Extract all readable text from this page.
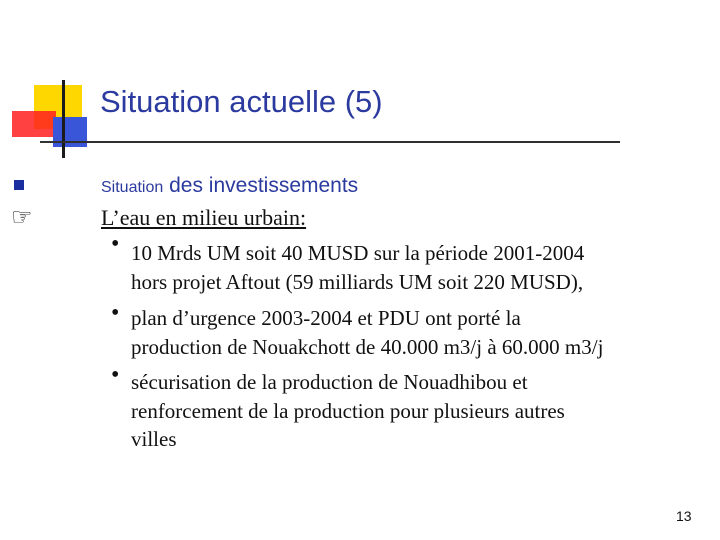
Situation actuelle (5)
Situation des investissements
☞	L’eau en milieu urbain:
• 10 Mrds UM soit 40 MUSD sur la période 2001-2004
hors projet Aftout (59 milliards UM soit 220 MUSD),
• plan d’urgence 2003-2004 et PDU ont porté la
production de Nouakchott de 40.000 m3/j à 60.000 m3/j
• sécurisation de la production de Nouadhibou et
renforcement de la production pour plusieurs autres
villes
13
